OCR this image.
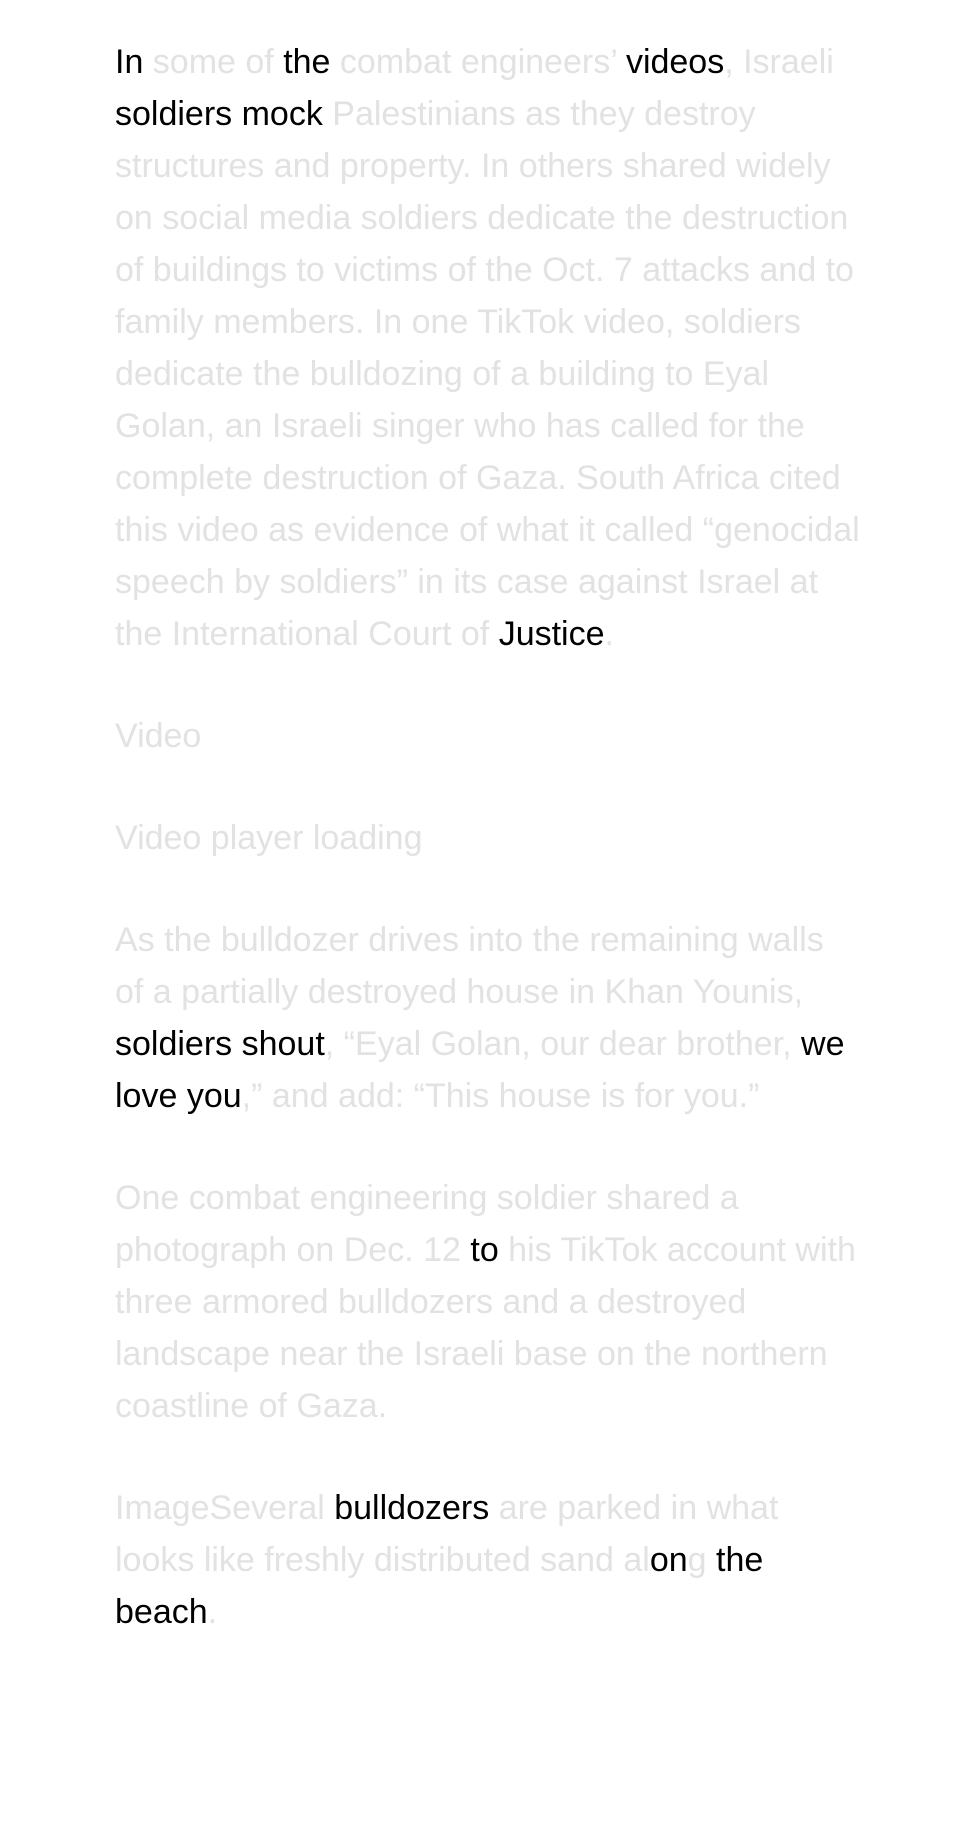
In some of the combat engineers’ videos, Israeli soldiers mock Palestinians as they destroy structures and property. In others shared widely on social media soldiers dedicate the destruction of buildings to victims of the Oct. 7 attacks and to family members. In one TikTok video, soldiers dedicate the bulldozing of a building to Eyal Golan, an Israeli singer who has called for the complete destruction of Gaza. South Africa cited this video as evidence of what it called “genocidal speech by soldiers” in its case against Israel at the International Court of Justice.

Video

Video player loading

As the bulldozer drives into the remaining walls of a partially destroyed house in Khan Younis, soldiers shout, “Eyal Golan, our dear brother, we love you,” and add: “This house is for you.”

One combat engineering soldier shared a photograph on Dec. 12 to his TikTok account with three armored bulldozers and a destroyed landscape near the Israeli base on the northern coastline of Gaza.

ImageSeveral bulldozers are parked in what looks like freshly distributed sand along the beach.
